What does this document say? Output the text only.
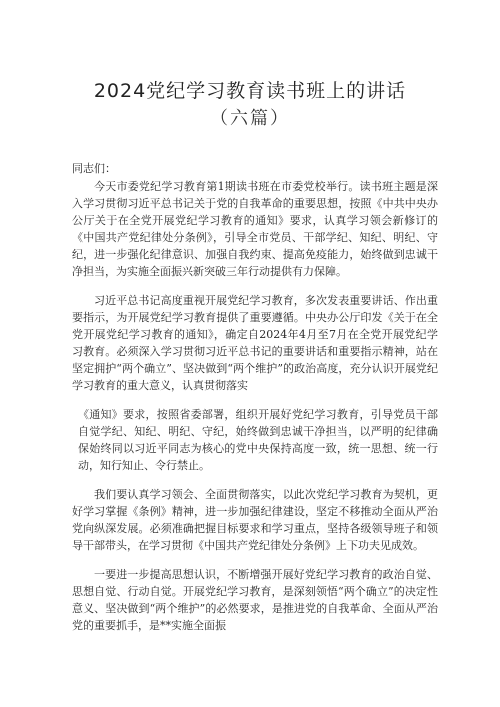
2024党纪学习教育读书班上的讲话
（六篇）

同志们：

今天市委党纪学习教育第1期读书班在市委党校举行。读书班主题是深入学习贯彻习近平总书记关于党的自我革命的重要思想，按照《中共中央办公厅关于在全党开展党纪学习教育的通知》要求，认真学习领会新修订的《中国共产党纪律处分条例》，引导全市党员、干部学纪、知纪、明纪、守纪，进一步强化纪律意识、加强自我约束、提高免疫能力，始终做到忠诚干净担当，为实施全面振兴新突破三年行动提供有力保障。

习近平总书记高度重视开展党纪学习教育，多次发表重要讲话、作出重要指示，为开展党纪学习教育提供了重要遵循。中央办公厅印发《关于在全党开展党纪学习教育的通知》，确定自2024年4月至7月在全党开展党纪学习教育。必须深入学习贯彻习近平总书记的重要讲话和重要指示精神，站在坚定拥护“两个确立”、坚决做到“两个维护”的政治高度，充分认识开展党纪学习教育的重大意义，认真贯彻落实

《通知》要求，按照省委部署，组织开展好党纪学习教育，引导党员干部自觉学纪、知纪、明纪、守纪，始终做到忠诚干净担当，以严明的纪律确保始终同以习近平同志为核心的党中央保持高度一致，统一思想、统一行动，知行知止、令行禁止。

我们要认真学习领会、全面贯彻落实，以此次党纪学习教育为契机，更好学习掌握《条例》精神，进一步加强纪律建设，坚定不移推动全面从严治党向纵深发展。必须准确把握目标要求和学习重点，坚持各级领导班子和领导干部带头，在学习贯彻《中国共产党纪律处分条例》上下功夫见成效。

一要进一步提高思想认识，不断增强开展好党纪学习教育的政治自觉、思想自觉、行动自觉。开展党纪学习教育，是深刻领悟“两个确立”的决定性意义、坚决做到“两个维护”的必然要求，是推进党的自我革命、全面从严治党的重要抓手，是**实施全面振
